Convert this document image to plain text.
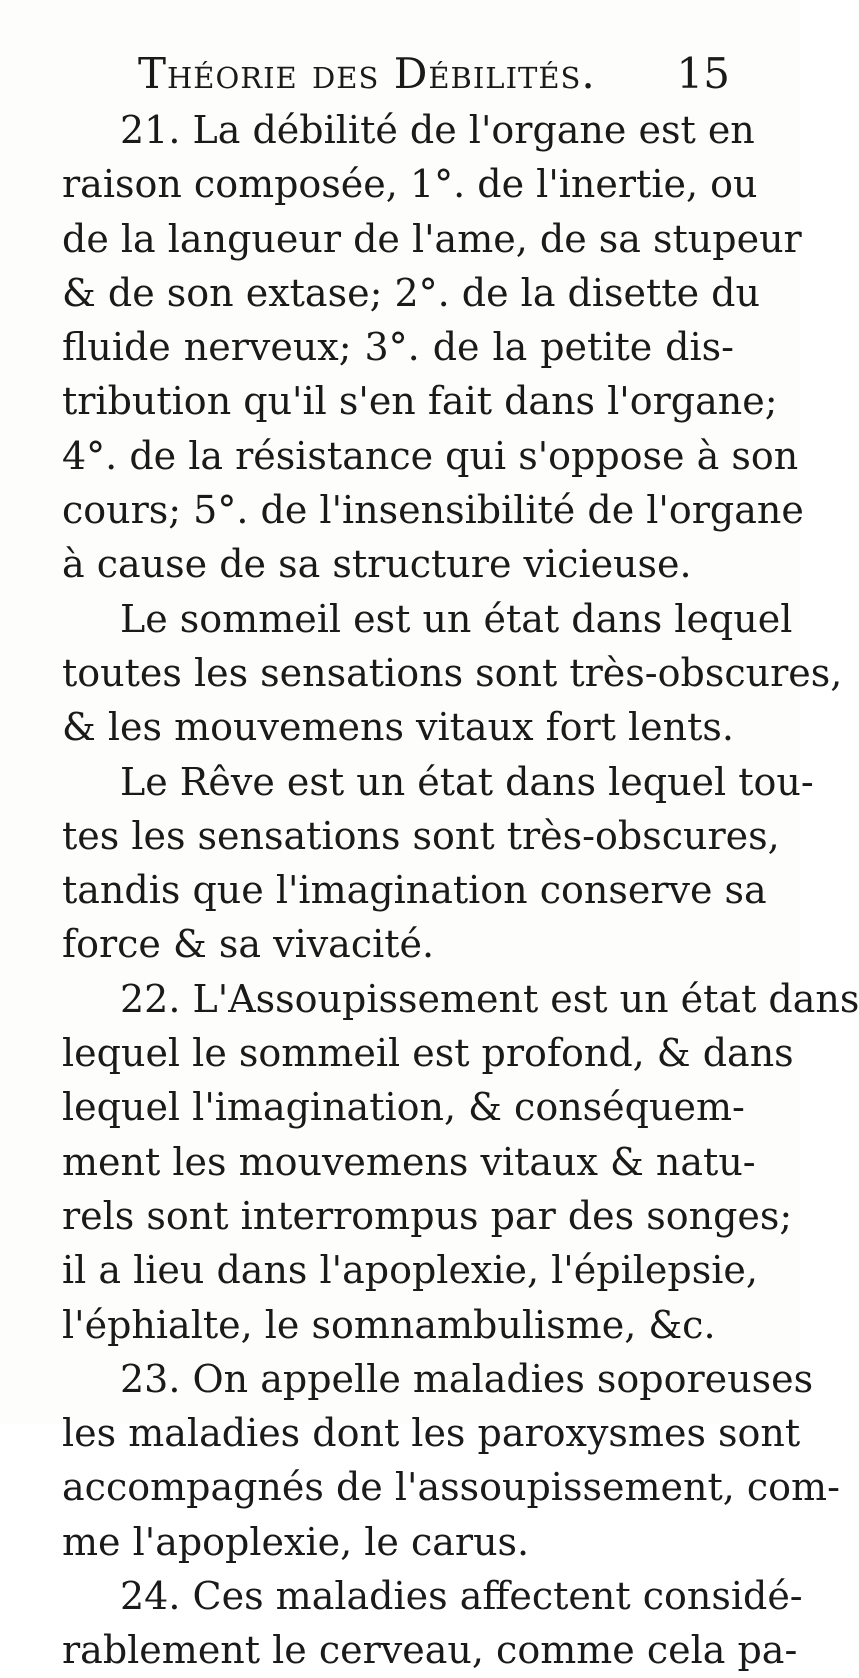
Théorie des Débilités. 15
21. La débilité de l'organe est en
raison composée, 1°. de l'inertie, ou
de la langueur de l'ame, de sa stupeur
& de son extase; 2°. de la disette du
fluide nerveux; 3°. de la petite dis-
tribution qu'il s'en fait dans l'organe;
4°. de la résistance qui s'oppose à son
cours; 5°. de l'insensibilité de l'organe
à cause de sa structure vicieuse.
Le sommeil est un état dans lequel
toutes les sensations sont très-obscures,
& les mouvemens vitaux fort lents.
Le Rêve est un état dans lequel tou-
tes les sensations sont très-obscures,
tandis que l'imagination conserve sa
force & sa vivacité.
22. L'Assoupissement est un état dans
lequel le sommeil est profond, & dans
lequel l'imagination, & conséquem-
ment les mouvemens vitaux & natu-
rels sont interrompus par des songes;
il a lieu dans l'apoplexie, l'épilepsie,
l'éphialte, le somnambulisme, &c.
23. On appelle maladies soporeuses
les maladies dont les paroxysmes sont
accompagnés de l'assoupissement, com-
me l'apoplexie, le carus.
24. Ces maladies affectent considé-
rablement le cerveau, comme cela pa-
